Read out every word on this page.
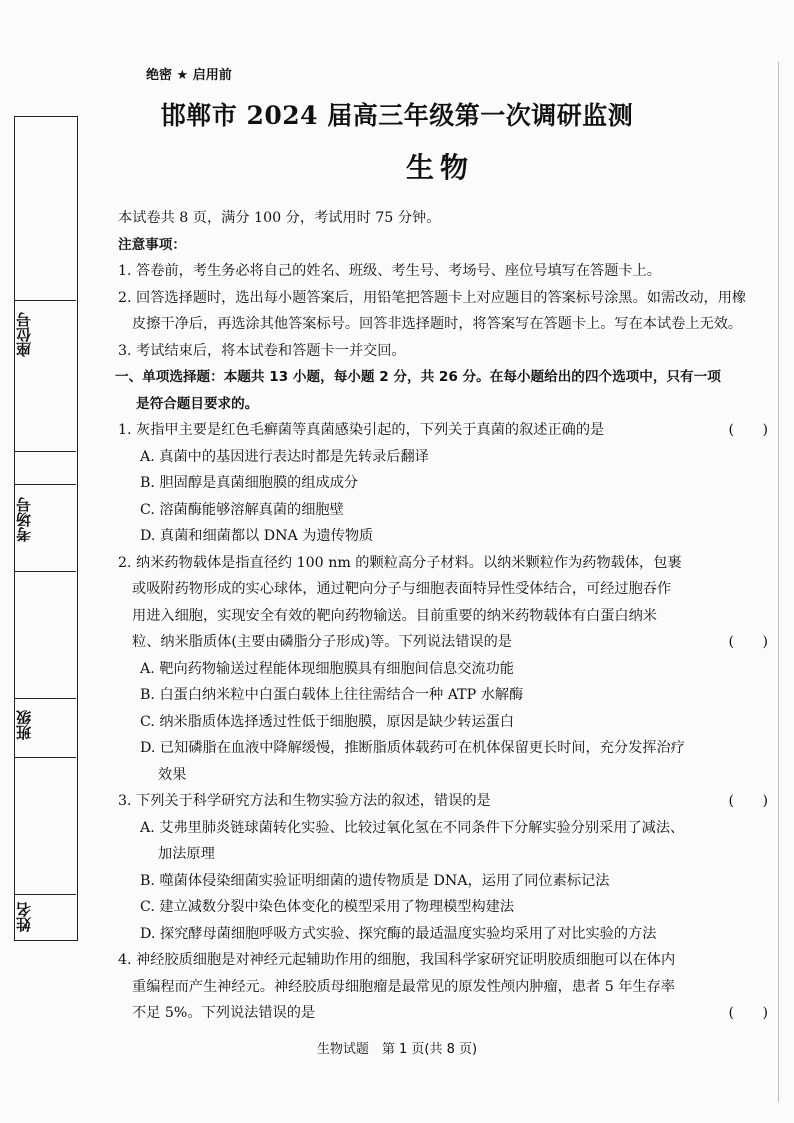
座位号
考场号
班级
姓名
绝密 ★ 启用前
邯郸市 2024 届高三年级第一次调研监测
生物

本试卷共 8 页，满分 100 分，考试用时 75 分钟。

注意事项：

1. 答卷前，考生务必将自己的姓名、班级、考生号、考场号、座位号填写在答题卡上。

2. 回答选择题时，选出每小题答案后，用铅笔把答题卡上对应题目的答案标号涂黑。如需改动，用橡

皮擦干净后，再选涂其他答案标号。回答非选择题时，将答案写在答题卡上。写在本试卷上无效。

3. 考试结束后，将本试卷和答题卡一并交回。

一、单项选择题：本题共 13 小题，每小题 2 分，共 26 分。在每小题给出的四个选项中，只有一项

是符合题目要求的。

1. 灰指甲主要是红色毛癣菌等真菌感染引起的，下列关于真菌的叙述正确的是	(　　)

A. 真菌中的基因进行表达时都是先转录后翻译

B. 胆固醇是真菌细胞膜的组成成分

C. 溶菌酶能够溶解真菌的细胞壁

D. 真菌和细菌都以 DNA 为遗传物质

2. 纳米药物载体是指直径约 100 nm 的颗粒高分子材料。以纳米颗粒作为药物载体，包裹

或吸附药物形成的实心球体，通过靶向分子与细胞表面特异性受体结合，可经过胞吞作

用进入细胞，实现安全有效的靶向药物输送。目前重要的纳米药物载体有白蛋白纳米

粒、纳米脂质体(主要由磷脂分子形成)等。下列说法错误的是	(　　)

A. 靶向药物输送过程能体现细胞膜具有细胞间信息交流功能

B. 白蛋白纳米粒中白蛋白载体上往往需结合一种 ATP 水解酶

C. 纳米脂质体选择透过性低于细胞膜，原因是缺少转运蛋白

D. 已知磷脂在血液中降解缓慢，推断脂质体载药可在机体保留更长时间，充分发挥治疗

效果

3. 下列关于科学研究方法和生物实验方法的叙述，错误的是	(　　)

A. 艾弗里肺炎链球菌转化实验、比较过氧化氢在不同条件下分解实验分别采用了减法、

加法原理

B. 噬菌体侵染细菌实验证明细菌的遗传物质是 DNA，运用了同位素标记法

C. 建立减数分裂中染色体变化的模型采用了物理模型构建法

D. 探究酵母菌细胞呼吸方式实验、探究酶的最适温度实验均采用了对比实验的方法

4. 神经胶质细胞是对神经元起辅助作用的细胞，我国科学家研究证明胶质细胞可以在体内

重编程而产生神经元。神经胶质母细胞瘤是最常见的原发性颅内肿瘤，患者 5 年生存率

不足 5%。下列说法错误的是	(　　)

生物试题　第 1 页(共 8 页)
